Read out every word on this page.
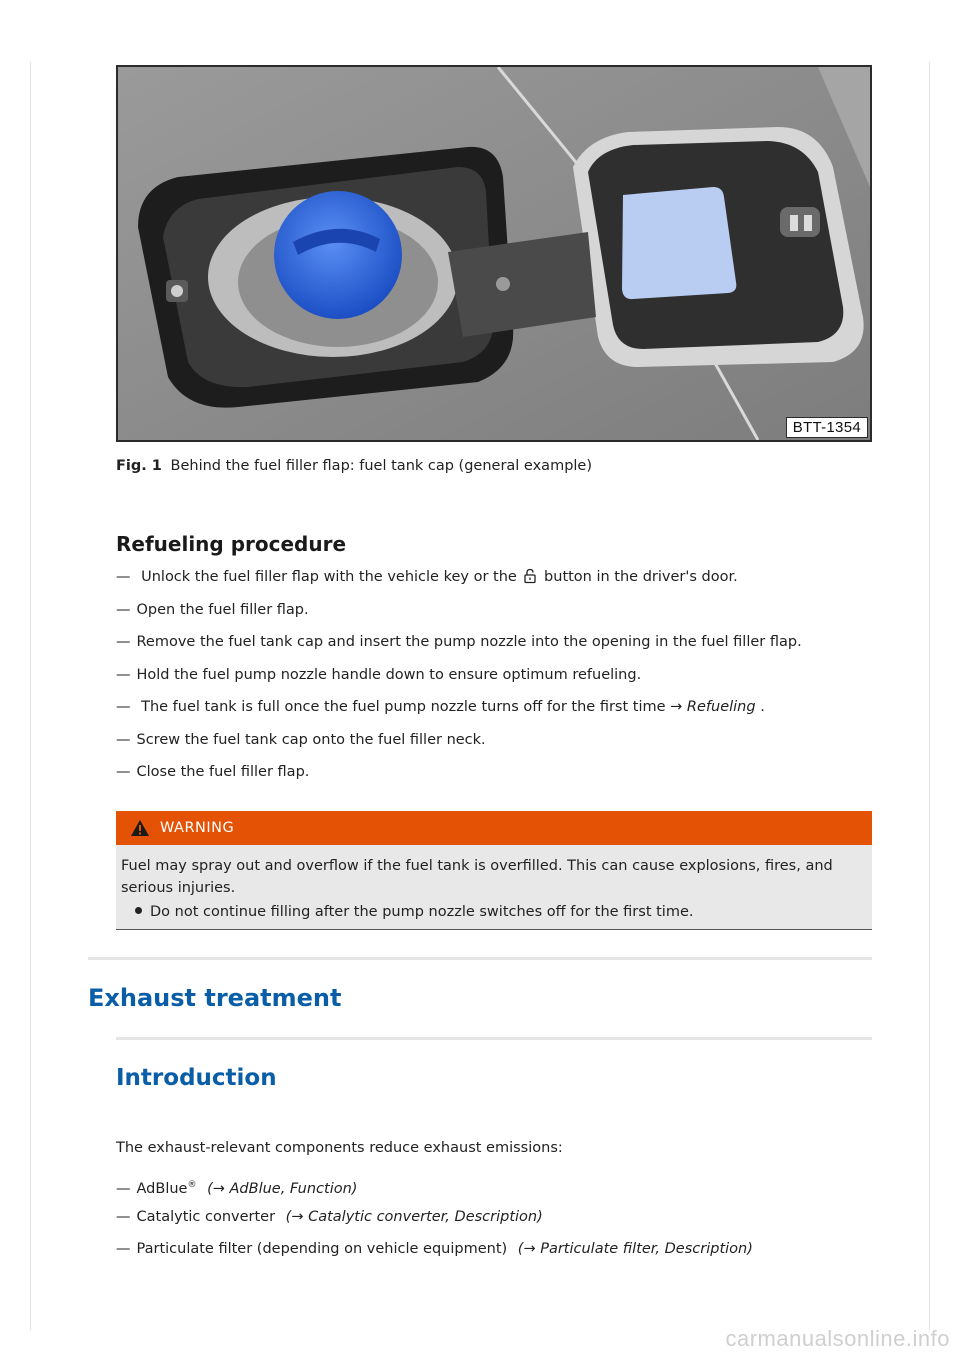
BTT-1354
Fig. 1 Behind the fuel filler flap: fuel tank cap (general example)
Refueling procedure
— Unlock the fuel filler flap with the vehicle key or the button in the driver's door.
— Open the fuel filler flap.
— Remove the fuel tank cap and insert the pump nozzle into the opening in the fuel filler flap.
— Hold the fuel pump nozzle handle down to ensure optimum refueling.
— The fuel tank is full once the fuel pump nozzle turns off for the first time → Refueling .
— Screw the fuel tank cap onto the fuel filler neck.
— Close the fuel filler flap.
WARNING
Fuel may spray out and overflow if the fuel tank is overfilled. This can cause explosions, fires, and serious injuries.
Do not continue filling after the pump nozzle switches off for the first time.
Exhaust treatment
Introduction
The exhaust-relevant components reduce exhaust emissions:
— AdBlue® (→ AdBlue, Function)
— Catalytic converter (→ Catalytic converter, Description)
— Particulate filter (depending on vehicle equipment) (→ Particulate filter, Description)
carmanualsonline.info
